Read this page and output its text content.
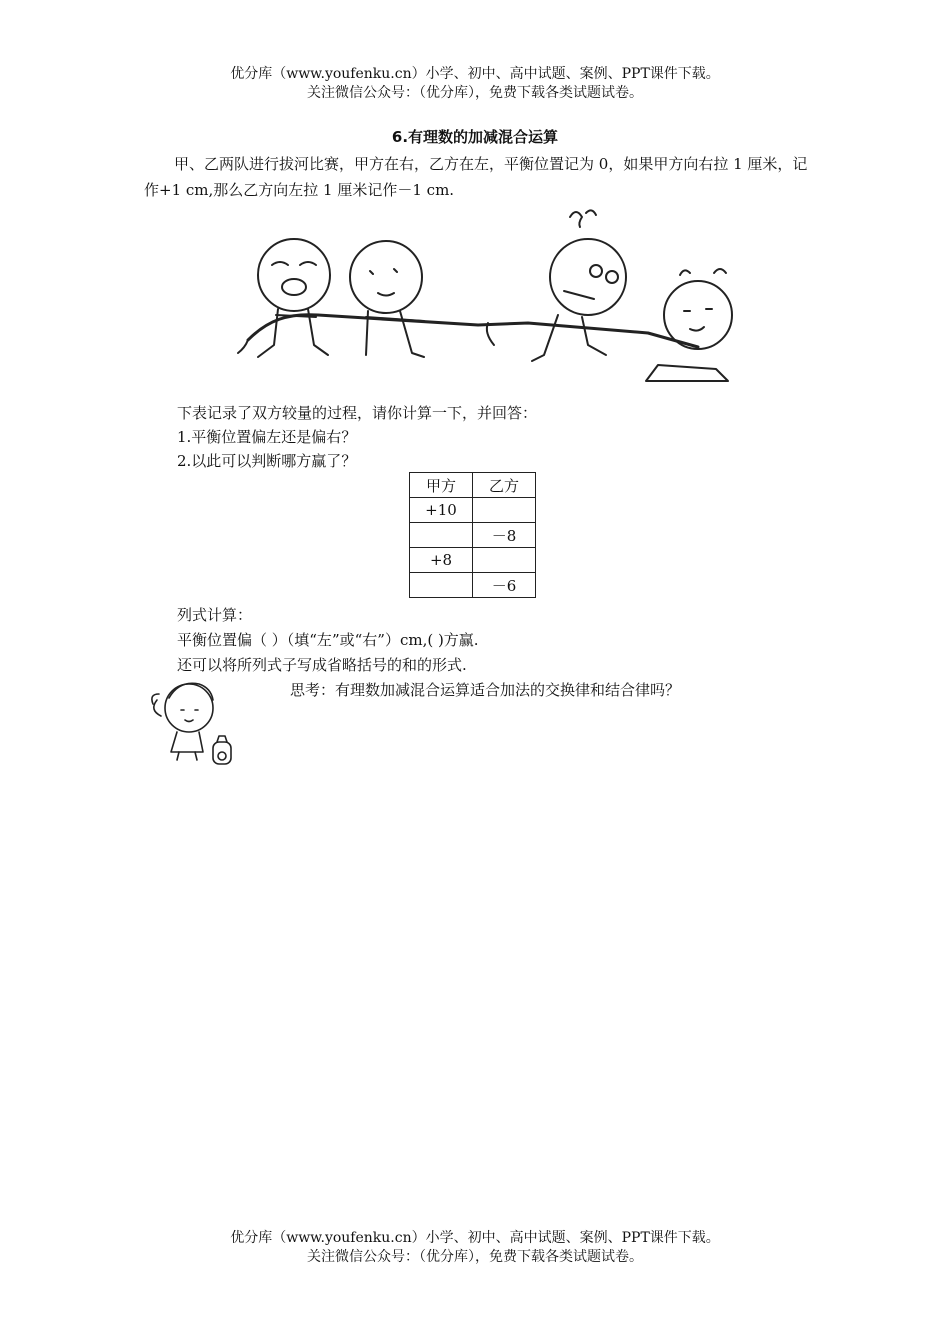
优分库（www.youfenku.cn）小学、初中、高中试题、案例、PPT课件下载。
关注微信公众号：（优分库），免费下载各类试题试卷。
6.有理数的加减混合运算
甲、乙两队进行拔河比赛，甲方在右，乙方在左，平衡位置记为 0，如果甲方向右拉 1 厘米，记作+1 cm,那么乙方向左拉 1 厘米记作－1 cm.
下表记录了双方较量的过程，请你计算一下，并回答：
1.平衡位置偏左还是偏右？
2.以此可以判断哪方赢了？
甲方	乙方
+10	
	－8
+8	
	－6
列式计算：
平衡位置偏（ ）（填“左”或“右”）cm,( )方赢.
还可以将所列式子写成省略括号的和的形式.
思考：有理数加减混合运算适合加法的交换律和结合律吗？
优分库（www.youfenku.cn）小学、初中、高中试题、案例、PPT课件下载。
关注微信公众号：（优分库），免费下载各类试题试卷。
